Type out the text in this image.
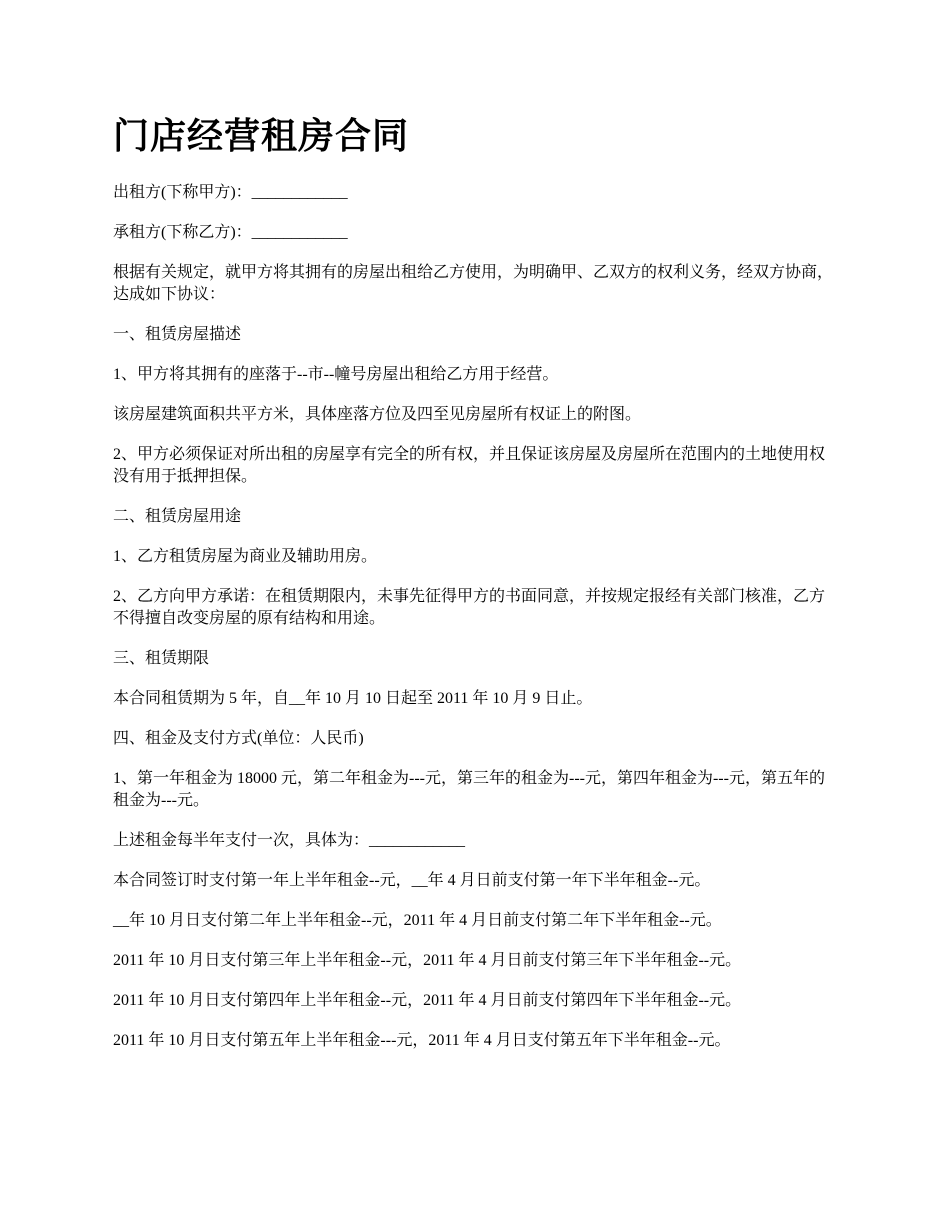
门店经营租房合同

出租方(下称甲方)：____________

承租方(下称乙方)：____________

根据有关规定，就甲方将其拥有的房屋出租给乙方使用，为明确甲、乙双方的权利义务，经双方协商，达成如下协议：

一、租赁房屋描述

1、甲方将其拥有的座落于--市--幢号房屋出租给乙方用于经营。

该房屋建筑面积共平方米，具体座落方位及四至见房屋所有权证上的附图。

2、甲方必须保证对所出租的房屋享有完全的所有权，并且保证该房屋及房屋所在范围内的土地使用权没有用于抵押担保。

二、租赁房屋用途

1、乙方租赁房屋为商业及辅助用房。

2、乙方向甲方承诺：在租赁期限内，未事先征得甲方的书面同意，并按规定报经有关部门核准，乙方不得擅自改变房屋的原有结构和用途。

三、租赁期限

本合同租赁期为 5 年，自__年 10 月 10 日起至 2011 年 10 月 9 日止。

四、租金及支付方式(单位：人民币)

1、第一年租金为 18000 元，第二年租金为---元，第三年的租金为---元，第四年租金为---元，第五年的租金为---元。

上述租金每半年支付一次，具体为：____________

本合同签订时支付第一年上半年租金--元，__年 4 月日前支付第一年下半年租金--元。

__年 10 月日支付第二年上半年租金--元，2011 年 4 月日前支付第二年下半年租金--元。

2011 年 10 月日支付第三年上半年租金--元，2011 年 4 月日前支付第三年下半年租金--元。

2011 年 10 月日支付第四年上半年租金--元，2011 年 4 月日前支付第四年下半年租金--元。

2011 年 10 月日支付第五年上半年租金---元，2011 年 4 月日支付第五年下半年租金--元。
